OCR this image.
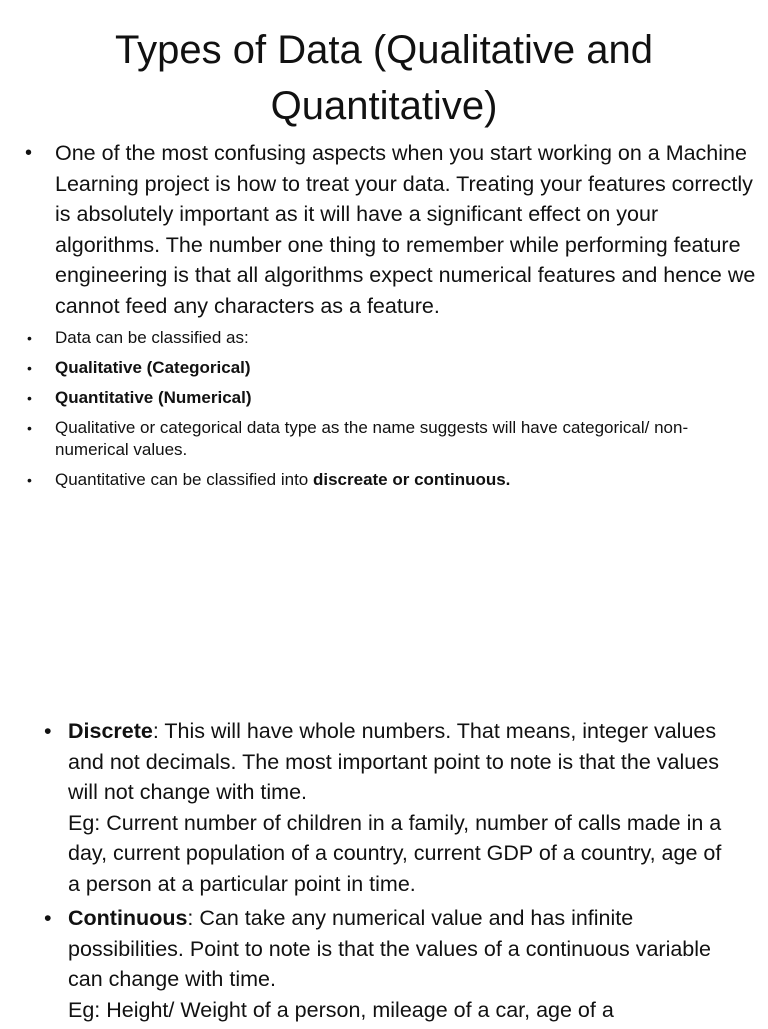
Types of Data (Qualitative and
Quantitative)
• One of the most confusing aspects when you start working on a Machine Learning project is how to treat your data. Treating your features correctly is absolutely important as it will have a significant effect on your algorithms. The number one thing to remember while performing feature engineering is that all algorithms expect numerical features and hence we cannot feed any characters as a feature.
• Data can be classified as:
• Qualitative (Categorical)
• Quantitative (Numerical)
• Qualitative or categorical data type as the name suggests will have categorical/ non-numerical values.
• Quantitative can be classified into discreate or continuous.
• Discrete: This will have whole numbers. That means, integer values and not decimals. The most important point to note is that the values will not change with time.
Eg: Current number of children in a family, number of calls made in a day, current population of a country, current GDP of a country, age of a person at a particular point in time.
• Continuous: Can take any numerical value and has infinite possibilities. Point to note is that the values of a continuous variable can change with time.
Eg: Height/ Weight of a person, mileage of a car, age of a
